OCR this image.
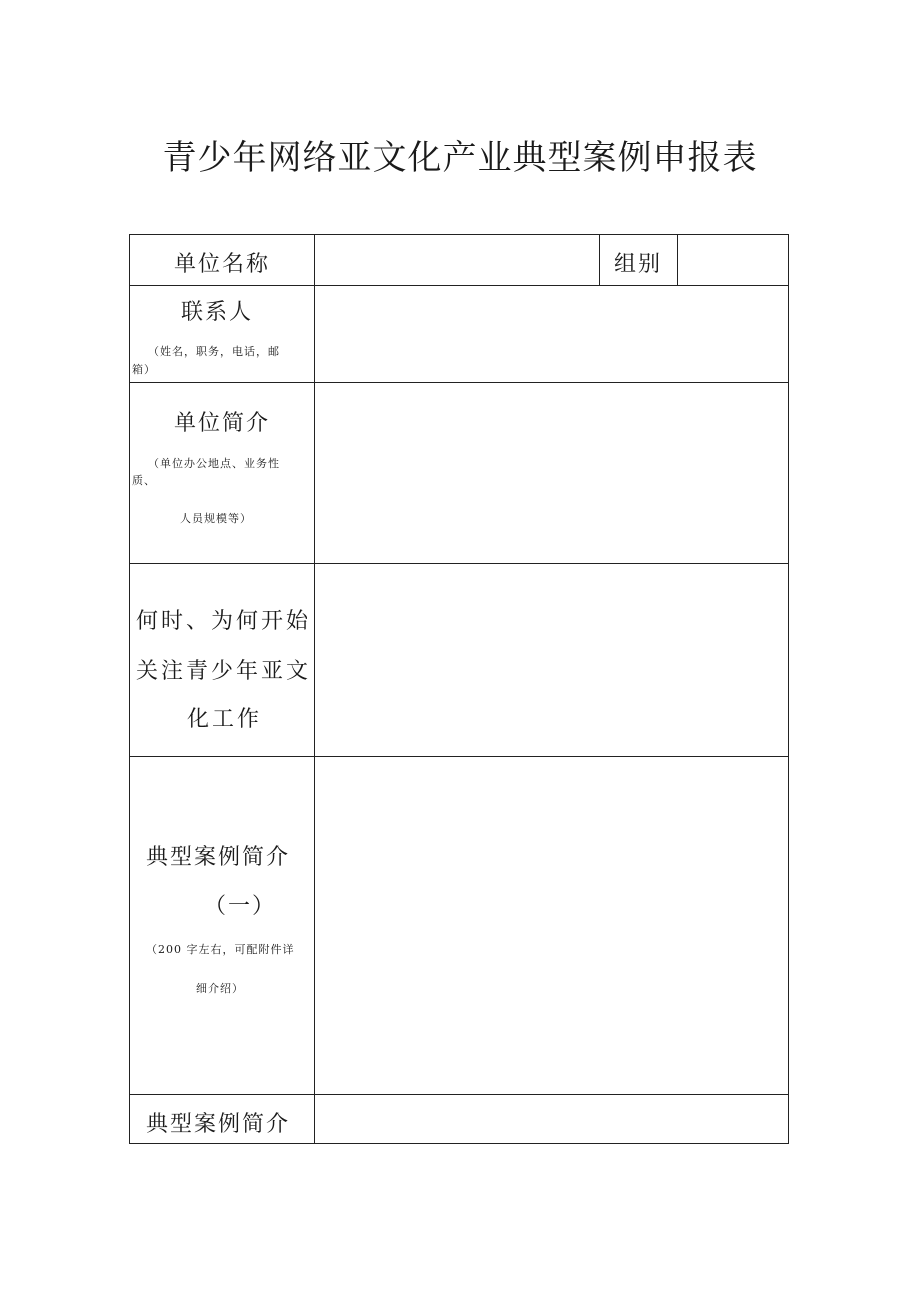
青少年网络亚文化产业典型案例申报表
单位名称	组别
联系人
（姓名，职务，电话，邮
箱）
单位简介
（单位办公地点、业务性
质、
人员规模等）
何时、为何开始
关注青少年亚文
化工作
典型案例简介
（一）
（200 字左右，可配附件详
细介绍）
典型案例简介
